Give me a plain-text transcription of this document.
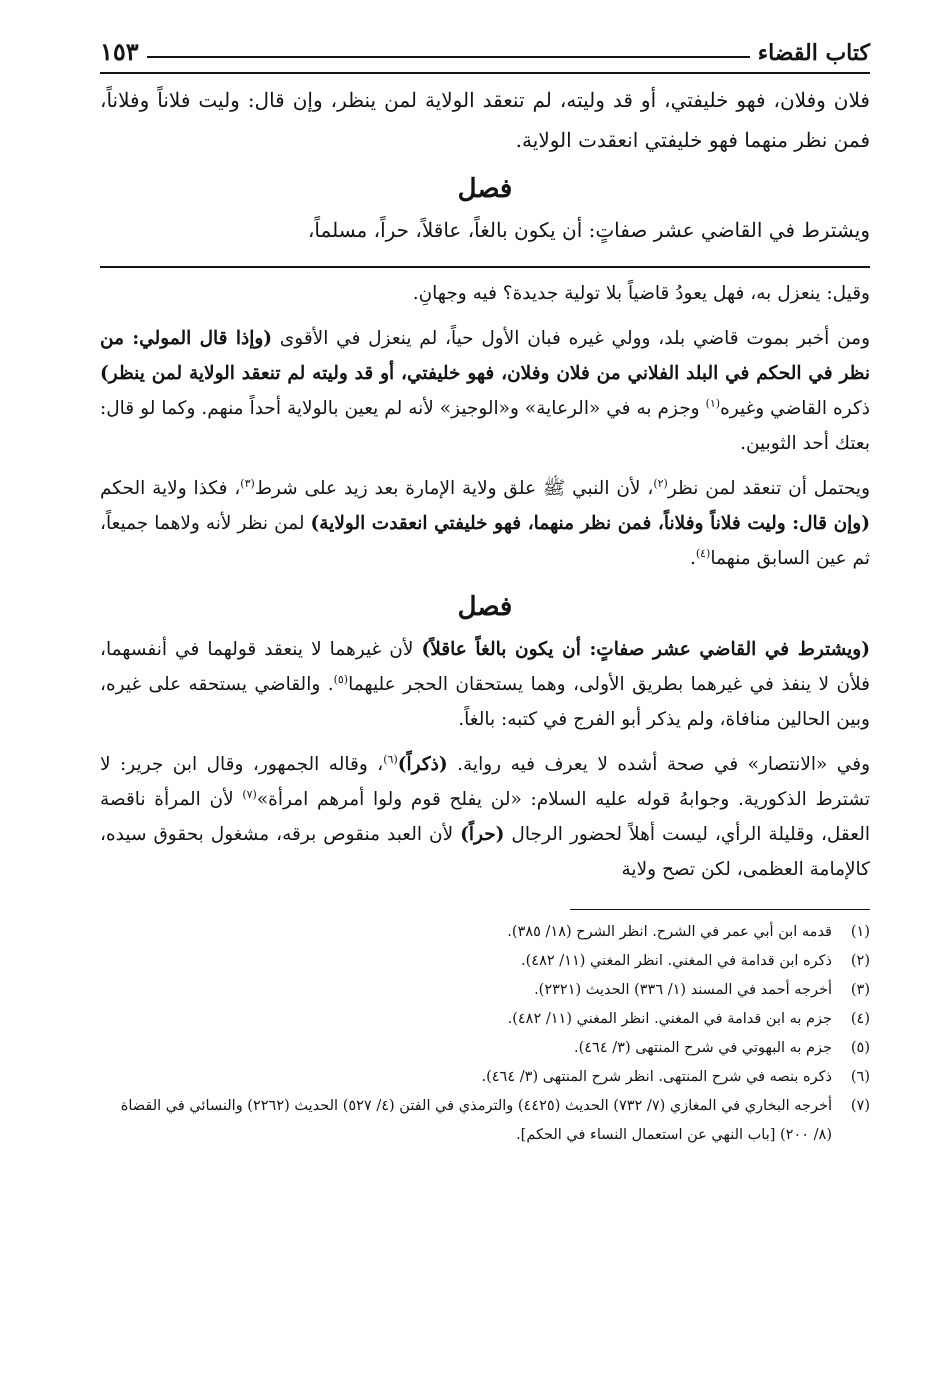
كتاب القضاء
١٥٣

فلان وفلان، فهو خليفتي، أو قد وليته، لم تنعقد الولاية لمن ينظر، وإن قال: وليت فلاناً وفلاناً، فمن نظر منهما فهو خليفتي انعقدت الولاية.

فصل

ويشترط في القاضي عشر صفاتٍ: أن يكون بالغاً، عاقلاً، حراً، مسلماً،

وقيل: ينعزل به، فهل يعودُ قاضياً بلا تولية جديدة؟ فيه وجهانِ.

ومن أخبر بموت قاضي بلد، وولي غيره فبان الأول حياً، لم ينعزل في الأقوى (وإذا قال المولي: من نظر في الحكم في البلد الفلاني من فلان وفلان، فهو خليفتي، أو قد وليته لم تنعقد الولاية لمن ينظر) ذكره القاضي وغيره$^{(١)}$ وجزم به في «الرعاية» و«الوجيز» لأنه لم يعين بالولاية أحداً منهم. وكما لو قال: بعتك أحد الثوبين.

ويحتمل أن تنعقد لمن نظر$^{(٢)}$، لأن النبي ﷺ علق ولاية الإمارة بعد زيد على شرط$^{(٣)}$، فكذا ولاية الحكم (وإن قال: وليت فلاناً وفلاناً، فمن نظر منهما، فهو خليفتي انعقدت الولاية) لمن نظر لأنه ولاهما جميعاً، ثم عين السابق منهما$^{(٤)}$.

فصل

(ويشترط في القاضي عشر صفاتٍ: أن يكون بالغاً عاقلاً) لأن غيرهما لا ينعقد قولهما في أنفسهما، فلأن لا ينفذ في غيرهما بطريق الأولى، وهما يستحقان الحجر عليهما$^{(٥)}$. والقاضي يستحقه على غيره، وبين الحالين منافاة، ولم يذكر أبو الفرج في كتبه: بالغاً.

وفي «الانتصار» في صحة أشده لا يعرف فيه رواية. (ذكراً)$^{(٦)}$، وقاله الجمهور، وقال ابن جرير: لا تشترط الذكورية. وجوابهُ قوله عليه السلام: «لن يفلح قوم ولوا أمرهم امرأة»$^{(٧)}$ لأن المرأة ناقصة العقل، وقليلة الرأي، ليست أهلاً لحضور الرجال (حراً) لأن العبد منقوص برقه، مشغول بحقوق سيده، كالإمامة العظمى، لكن تصح ولاية

(١)
قدمه ابن أبي عمر في الشرح. انظر الشرح (١٨/ ٣٨٥).
(٢)
ذكره ابن قدامة في المغني. انظر المغني (١١/ ٤٨٢).
(٣)
أخرجه أحمد في المسند (١/ ٣٣٦) الحديث (٢٣٢١).
(٤)
جزم به ابن قدامة في المغني. انظر المغني (١١/ ٤٨٢).
(٥)
جزم به البهوتي في شرح المنتهى (٣/ ٤٦٤).
(٦)
ذكره بنصه في شرح المنتهى. انظر شرح المنتهى (٣/ ٤٦٤).
(٧)
أخرجه البخاري في المغازي (٧/ ٧٣٢) الحديث (٤٤٢٥) والترمذي في الفتن (٤/ ٥٢٧) الحديث (٢٢٦٢) والنسائي في القضاة (٨/ ٢٠٠) [باب النهي عن استعمال النساء في الحكم].
